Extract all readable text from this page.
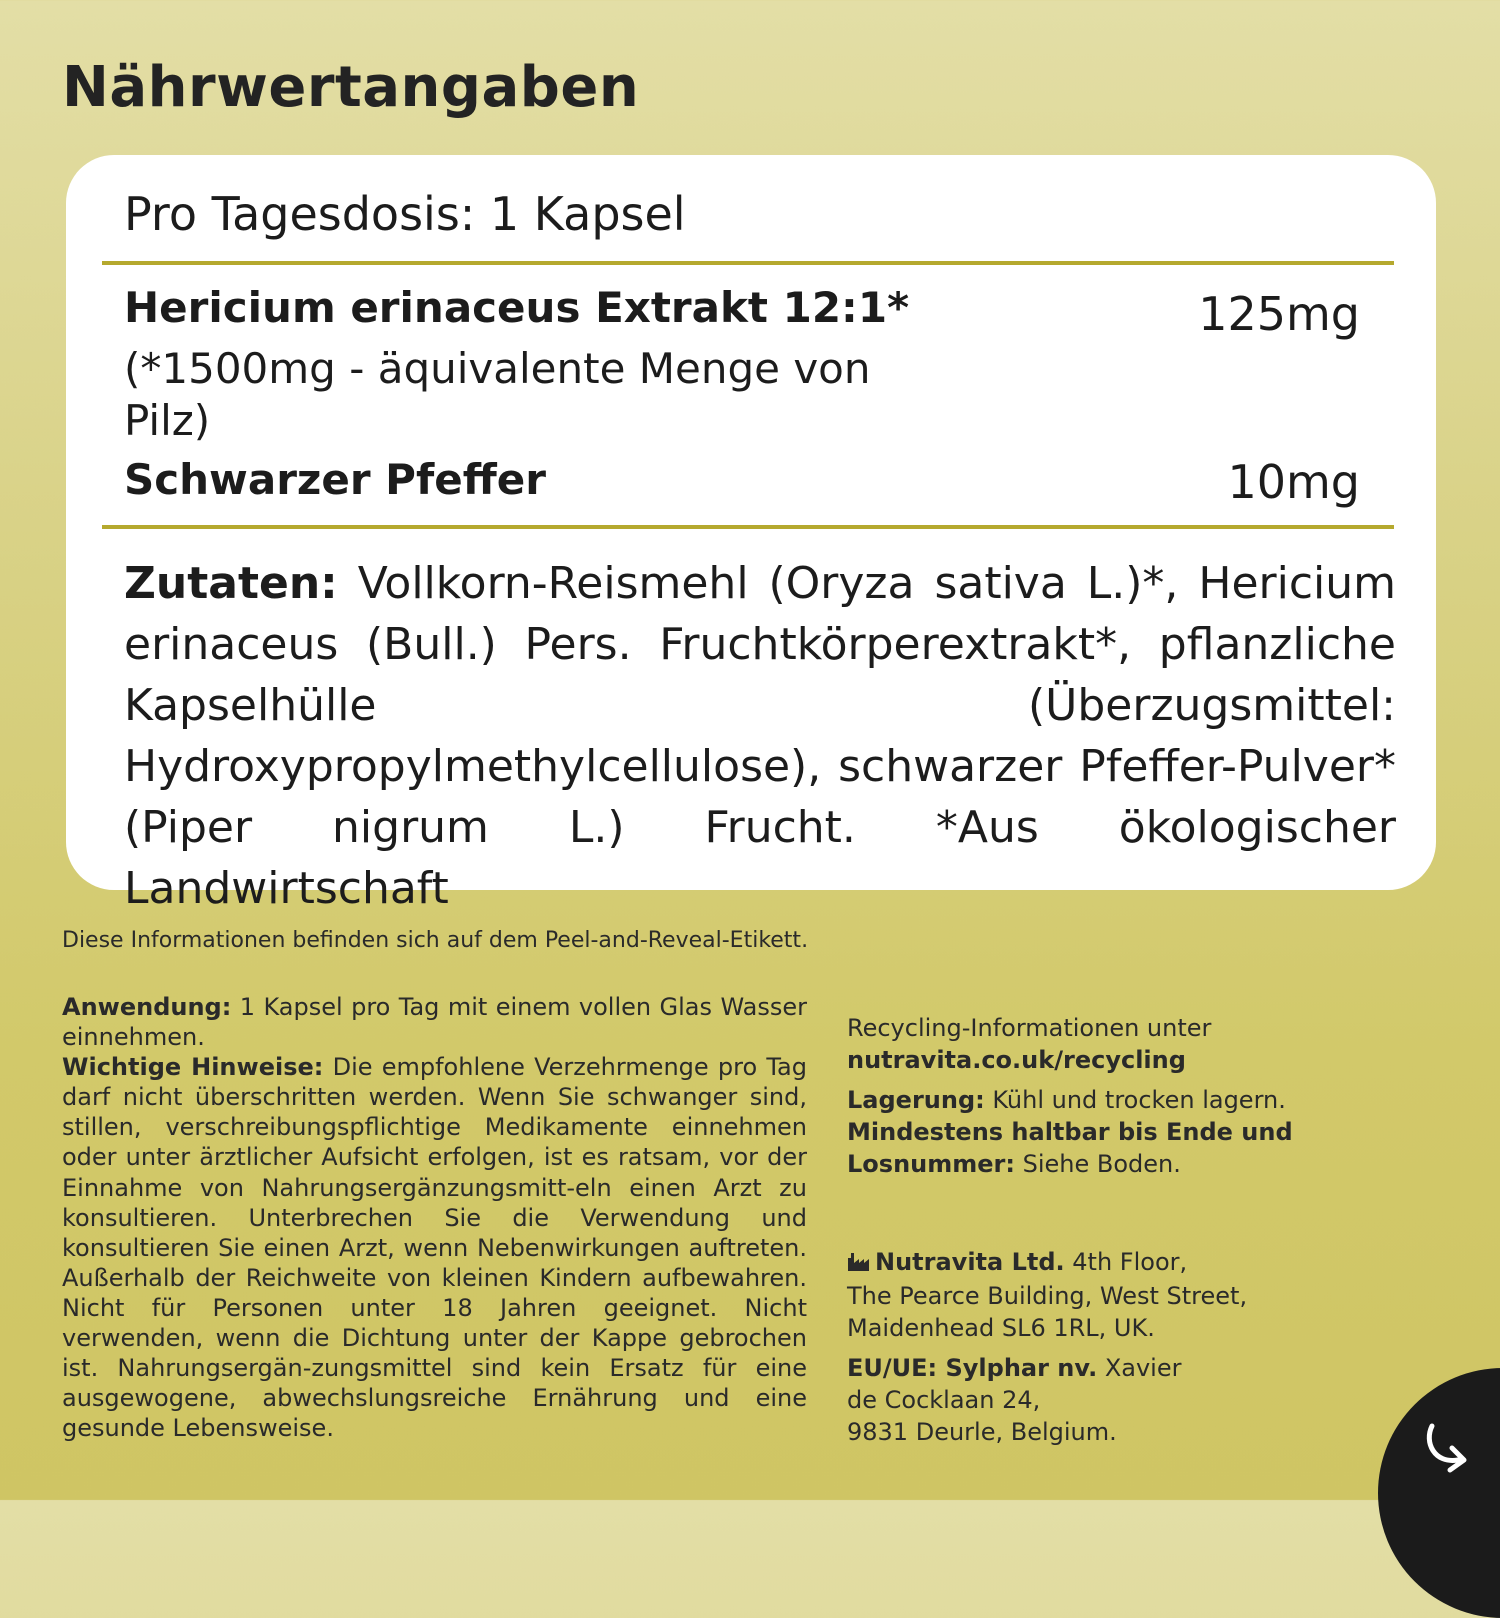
Nährwertangaben
Pro Tagesdosis: 1 Kapsel
Hericium erinaceus Extrakt 12:1*	125mg
(*1500mg - äquivalente Menge von Pilz)
Schwarzer Pfeffer	10mg
Zutaten: Vollkorn-Reismehl (Oryza sativa L.)*, Hericium erinaceus (Bull.) Pers. Fruchtkörperextrakt*, pflanzliche Kapselhülle (Überzugsmittel: Hydroxypropylmethylcellulose), schwarzer Pfeffer-Pulver* (Piper nigrum L.) Frucht. *Aus ökologischer Landwirtschaft
Diese Informationen befinden sich auf dem Peel-and-Reveal-Etikett.
Anwendung: 1 Kapsel pro Tag mit einem vollen Glas Wasser einnehmen.
Wichtige Hinweise: Die empfohlene Verzehrmenge pro Tag darf nicht überschritten werden. Wenn Sie schwanger sind, stillen, verschreibungspflichtige Medikamente einnehmen oder unter ärztlicher Aufsicht erfolgen, ist es ratsam, vor der Einnahme von Nahrungsergänzungsmitt-eln einen Arzt zu konsultieren. Unterbrechen Sie die Verwendung und konsultieren Sie einen Arzt, wenn Nebenwirkungen auftreten. Außerhalb der Reichweite von kleinen Kindern aufbewahren. Nicht für Personen unter 18 Jahren geeignet. Nicht verwenden, wenn die Dichtung unter der Kappe gebrochen ist. Nahrungsergän-zungsmittel sind kein Ersatz für eine ausgewogene, abwechslungsreiche Ernährung und eine gesunde Lebensweise.

Recycling-Informationen unter
nutravita.co.uk/recycling

Lagerung: Kühl und trocken lagern.
Mindestens haltbar bis Ende und Losnummer: Siehe Boden.

Nutravita Ltd. 4th Floor,
The Pearce Building, West Street,
Maidenhead SL6 1RL, UK.

EU/UE: Sylphar nv. Xavier
de Cocklaan 24,
9831 Deurle, Belgium.
